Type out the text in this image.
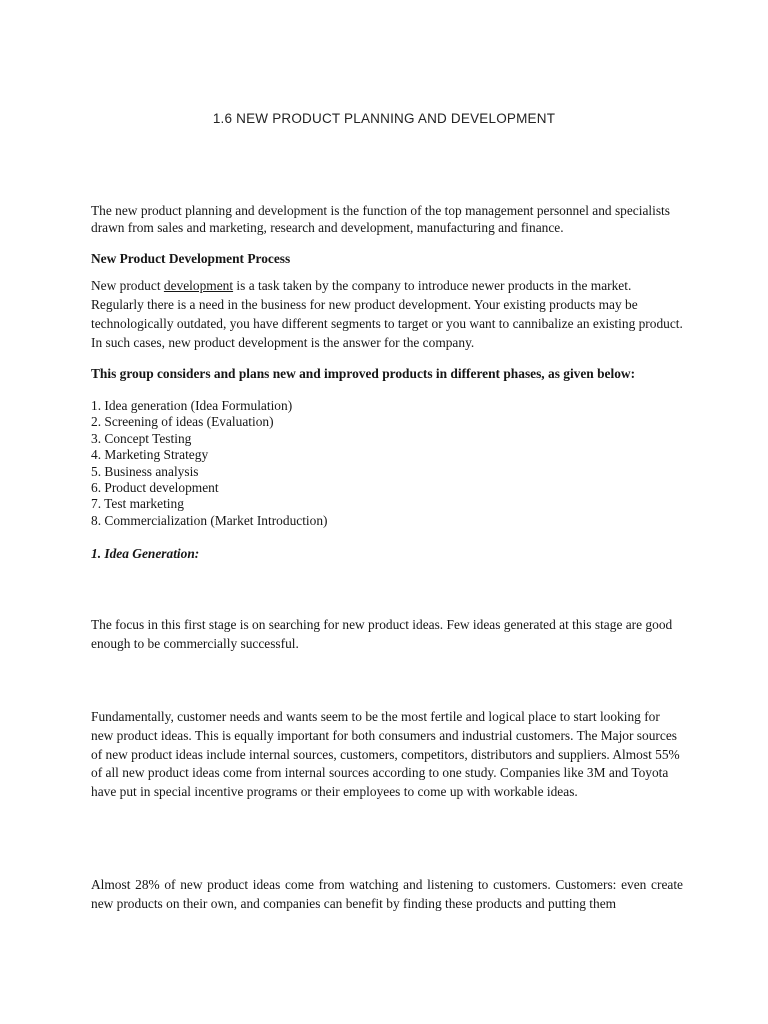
1.6 NEW PRODUCT PLANNING AND DEVELOPMENT

The new product planning and development is the function of the top management personnel and specialists drawn from sales and marketing, research and development, manufacturing and finance.

New Product Development Process

New product development is a task taken by the company to introduce newer products in the market. Regularly there is a need in the business for new product development. Your existing products may be technologically outdated, you have different segments to target or you want to cannibalize an existing product. In such cases, new product development is the answer for the company.

This group considers and plans new and improved products in different phases, as given below:
1. Idea generation (Idea Formulation)
2. Screening of ideas (Evaluation)
3. Concept Testing
4. Marketing Strategy
5. Business analysis
6. Product development
7. Test marketing
8. Commercialization (Market Introduction)
1. Idea Generation:

The focus in this first stage is on searching for new product ideas. Few ideas generated at this stage are good enough to be commercially successful.

Fundamentally, customer needs and wants seem to be the most fertile and logical place to start looking for new product ideas. This is equally important for both consumers and industrial customers. The Major sources of new product ideas include internal sources, customers, competitors, distributors and suppliers. Almost 55% of all new product ideas come from internal sources according to one study. Companies like 3M and Toyota have put in special incentive programs or their employees to come up with workable ideas.

Almost 28% of new product ideas come from watching and listening to customers. Customers: even create new products on their own, and companies can benefit by finding these products and putting them
